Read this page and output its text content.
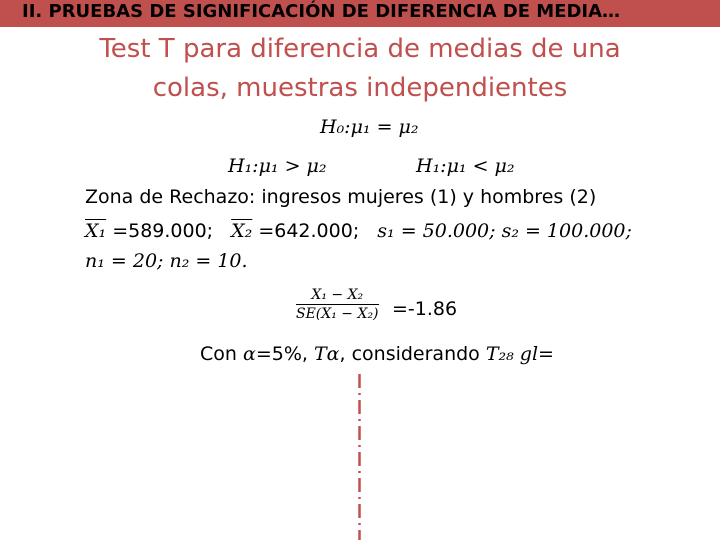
II. PRUEBAS DE SIGNIFICACIÓN DE DIFERENCIA DE MEDIA…
Test T para diferencia de medias de una
colas, muestras independientes
H₀:μ₁ = μ₂
H₁:μ₁ > μ₂	H₁:μ₁ < μ₂
Zona de Rechazo: ingresos mujeres (1) y hombres (2)
X₁ =589.000; X₂ =642.000; s₁ = 50.000; s₂ = 100.000;
n₁ = 20; n₂ = 10.
$\frac{\text{X₁ − X₂}}{\text{SE(X₁ − X₂)}} =-1.86$
Con α=5%, Tα, considerando T₂₈ gl=
